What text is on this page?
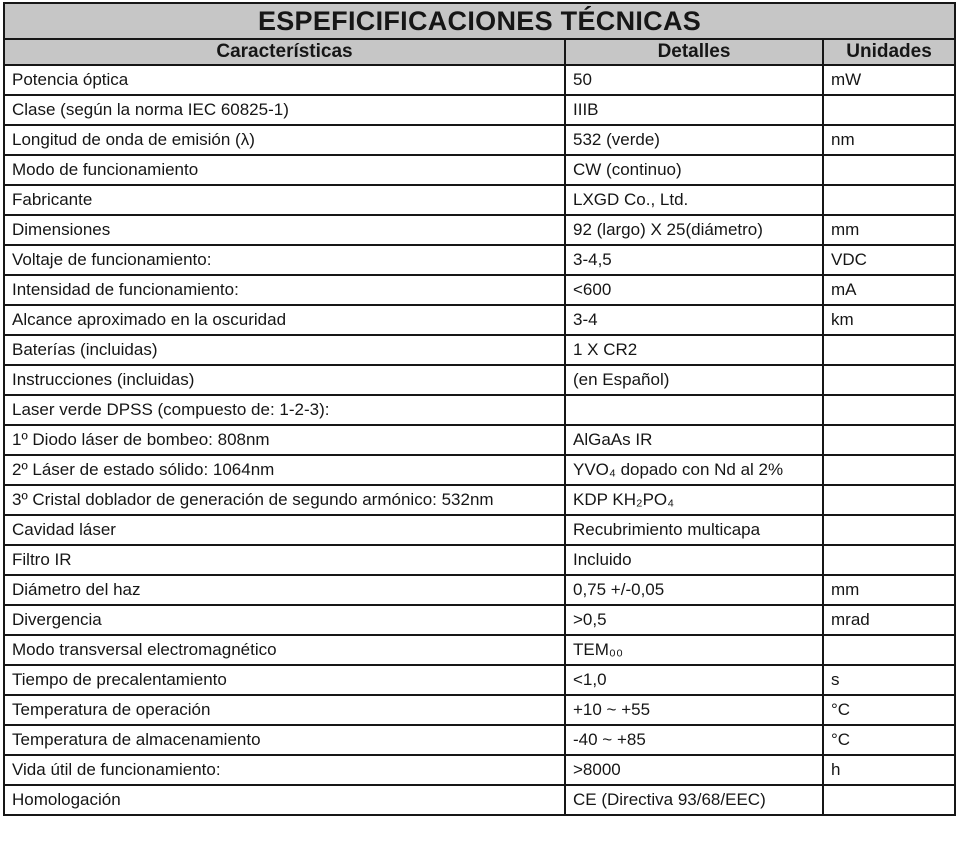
ESPEFICIFICACIONES TÉCNICAS		
Características	Detalles	Unidades
Potencia óptica	50	mW
Clase (según la norma IEC 60825-1)	IIIB	
Longitud de onda de emisión (λ)	532 (verde)	nm
Modo de funcionamiento	CW (continuo)	
Fabricante	LXGD Co., Ltd.	
Dimensiones	92 (largo) X 25(diámetro)	mm
Voltaje de funcionamiento:	3-4,5	VDC
Intensidad de funcionamiento:	<600	mA
Alcance aproximado en la oscuridad	3-4	km
Baterías (incluidas)	1 X CR2	
Instrucciones (incluidas)	(en Español)	
Laser verde DPSS (compuesto de: 1-2-3):		
1º Diodo láser de bombeo: 808nm	AlGaAs IR	
2º Láser de estado sólido: 1064nm	YVO₄ dopado con Nd al 2%	
3º Cristal doblador de generación de segundo armónico: 532nm	KDP KH₂PO₄	
Cavidad láser	Recubrimiento multicapa	
Filtro IR	Incluido	
Diámetro del haz	0,75 +/-0,05	mm
Divergencia	>0,5	mrad
Modo transversal electromagnético	TEM₀₀	
Tiempo de precalentamiento	<1,0	s
Temperatura de operación	+10 ~ +55	°C
Temperatura de almacenamiento	-40 ~ +85	°C
Vida útil de funcionamiento:	>8000	h
Homologación	CE (Directiva 93/68/EEC)	
